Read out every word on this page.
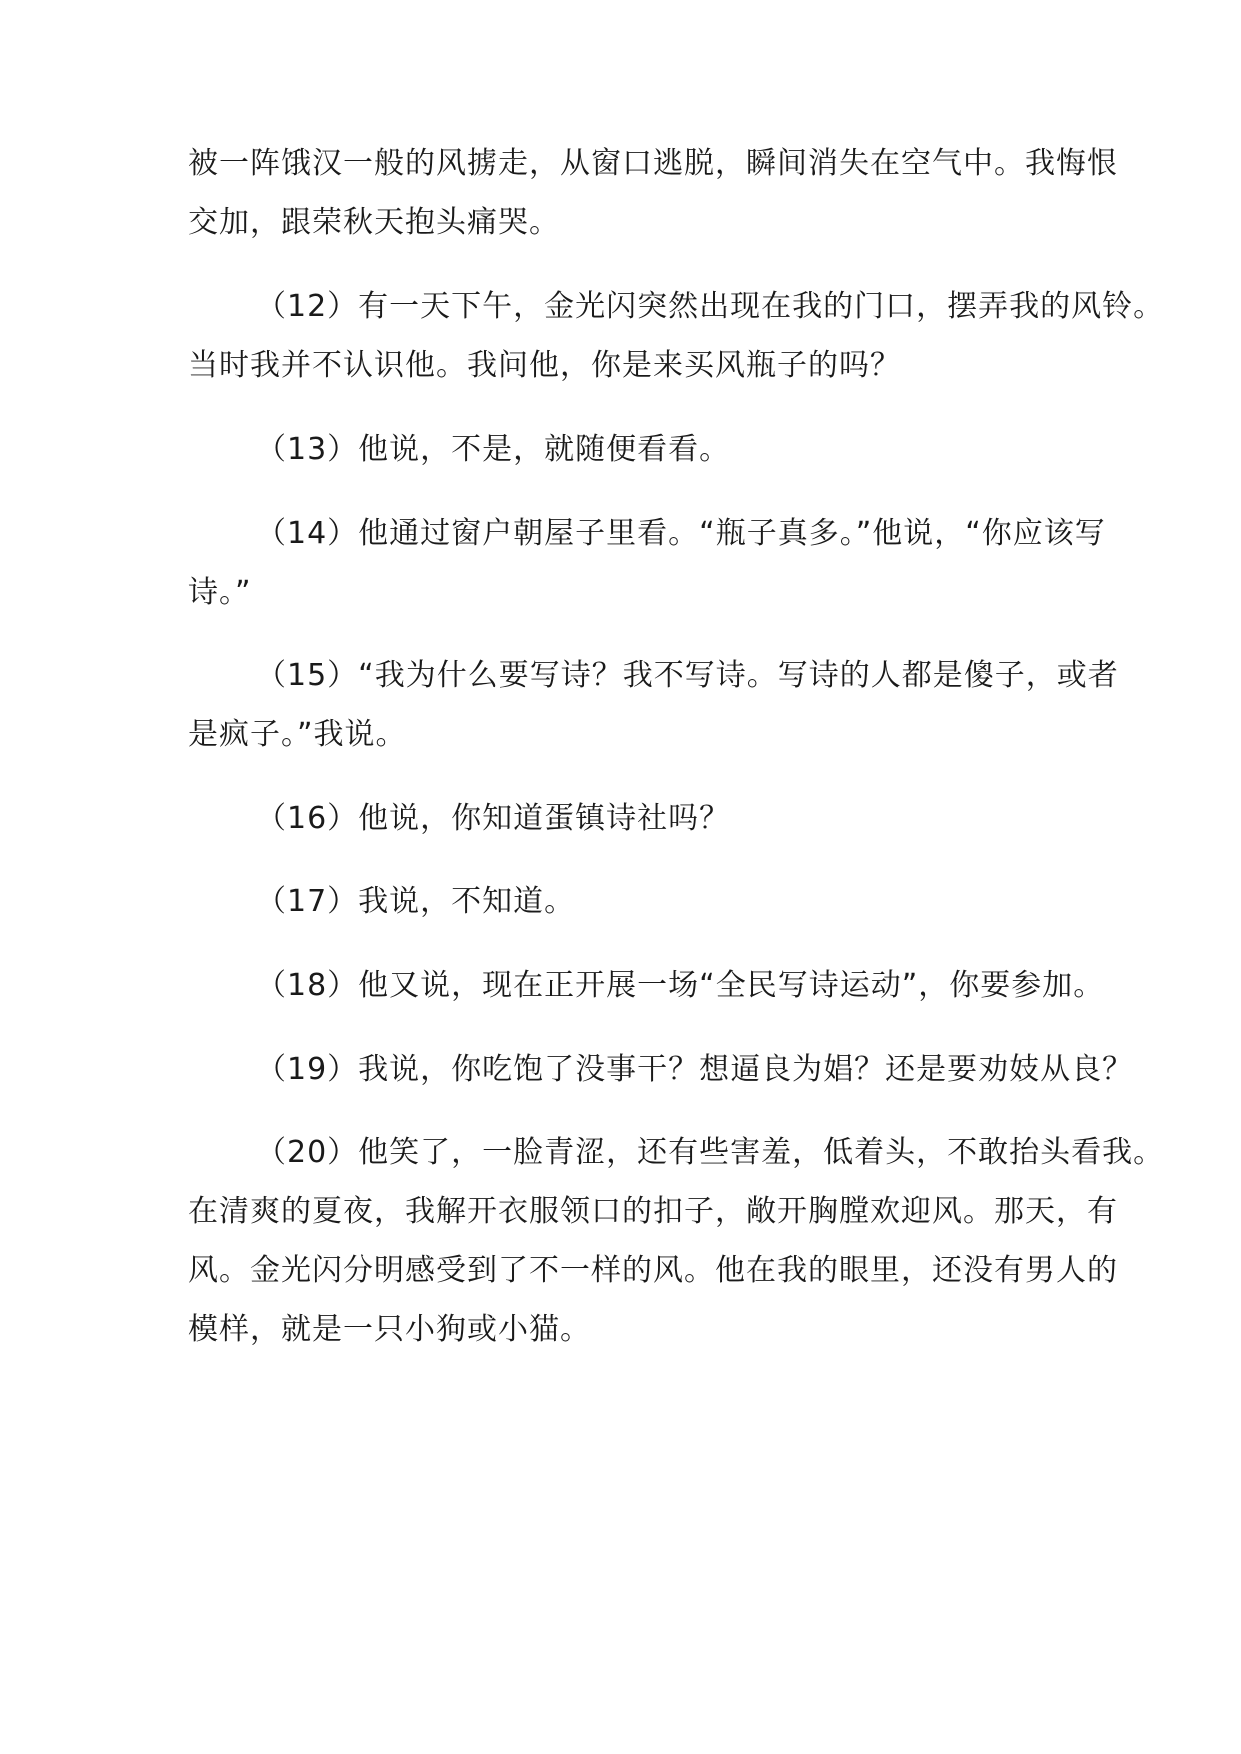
被一阵饿汉一般的风掳走，从窗口逃脱，瞬间消失在空气中。我悔恨
交加，跟荣秋天抱头痛哭。
（12）有一天下午，金光闪突然出现在我的门口，摆弄我的风铃。
当时我并不认识他。我问他，你是来买风瓶子的吗？
（13）他说，不是，就随便看看。
（14）他通过窗户朝屋子里看。“瓶子真多。”他说，“你应该写
诗。”
（15）“我为什么要写诗？我不写诗。写诗的人都是傻子，或者
是疯子。”我说。
（16）他说，你知道蛋镇诗社吗？
（17）我说，不知道。
（18）他又说，现在正开展一场“全民写诗运动”，你要参加。
（19）我说，你吃饱了没事干？想逼良为娼？还是要劝妓从良？
（20）他笑了，一脸青涩，还有些害羞，低着头，不敢抬头看我。
在清爽的夏夜，我解开衣服领口的扣子，敞开胸膛欢迎风。那天，有
风。金光闪分明感受到了不一样的风。他在我的眼里，还没有男人的
模样，就是一只小狗或小猫。
